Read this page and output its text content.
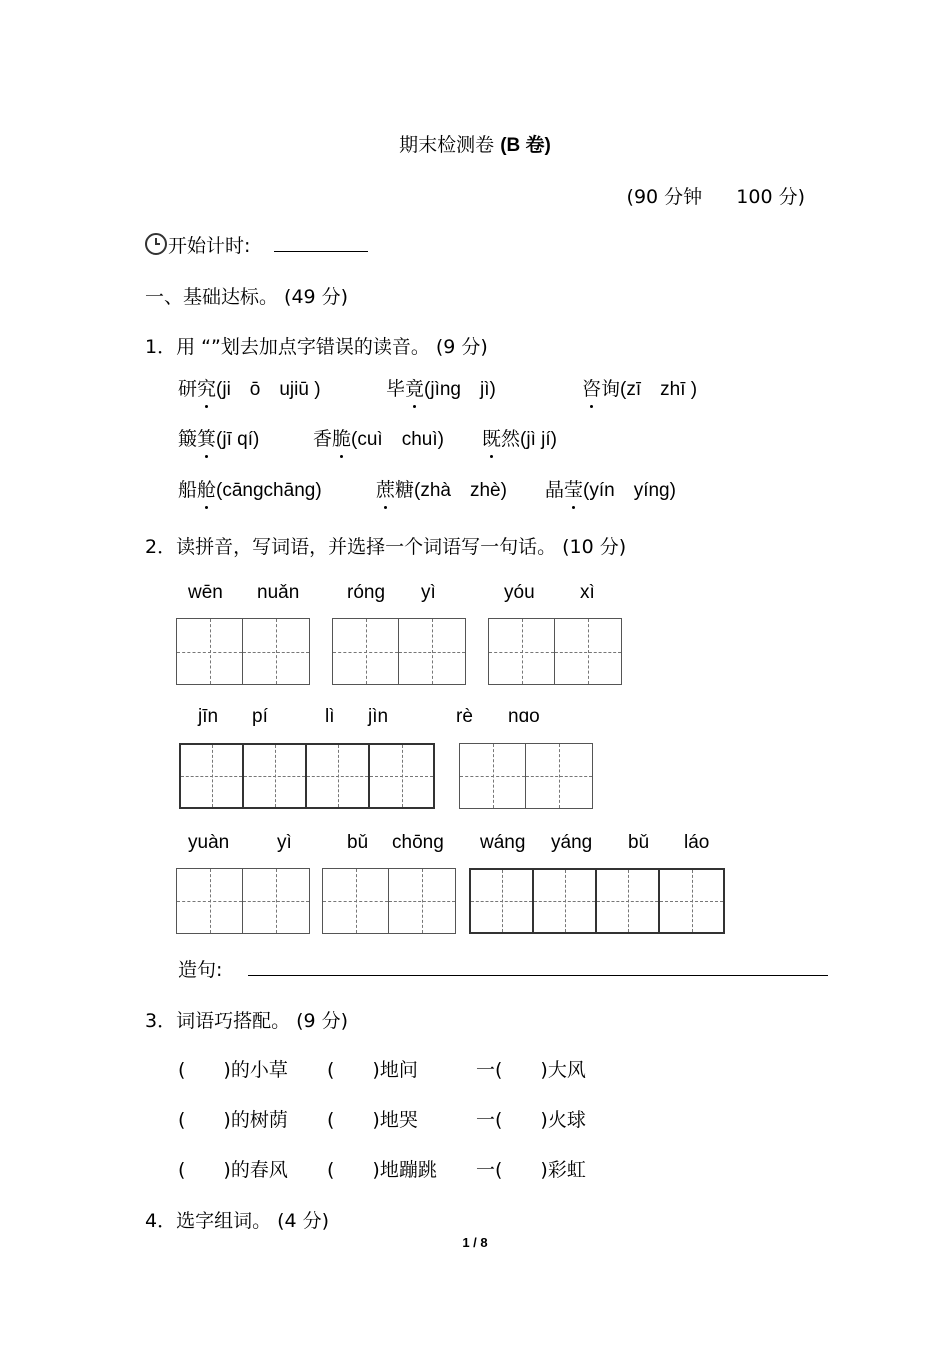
期末检测卷 (B 卷)
(90 分钟 100 分)
开始计时:
一、基础达标。 (49 分)
1．用 “”划去加点字错误的读音。 (9 分)
研究(ji　ō　ujiū )	毕竟(jìng　jì)	咨询(zī　zhī )
簸箕(jī qí)	香脆(cuì　chuì) 既然(jì jí)
船舱(cāngchāng)	蔗糖(zhà　zhè) 晶莹(yín　yíng)
2．读拼音，写词语，并选择一个词语写一句话。 (10 分)
wēn nuǎn	róng yì	yóu xì
jīn pí	lì jìn	rè nɑo
yuàn	yì	bǔ chōng wáng yáng bǔ láo
造句:
3．词语巧搭配。 (9 分)
(　　)的小草 (　　)地问	一(　　)大风
(　　)的树荫 (　　)地哭	一(　　)火球
(　　)的春风 (　　)地蹦跳 一(　　)彩虹
4．选字组词。 (4 分)
1 / 8
